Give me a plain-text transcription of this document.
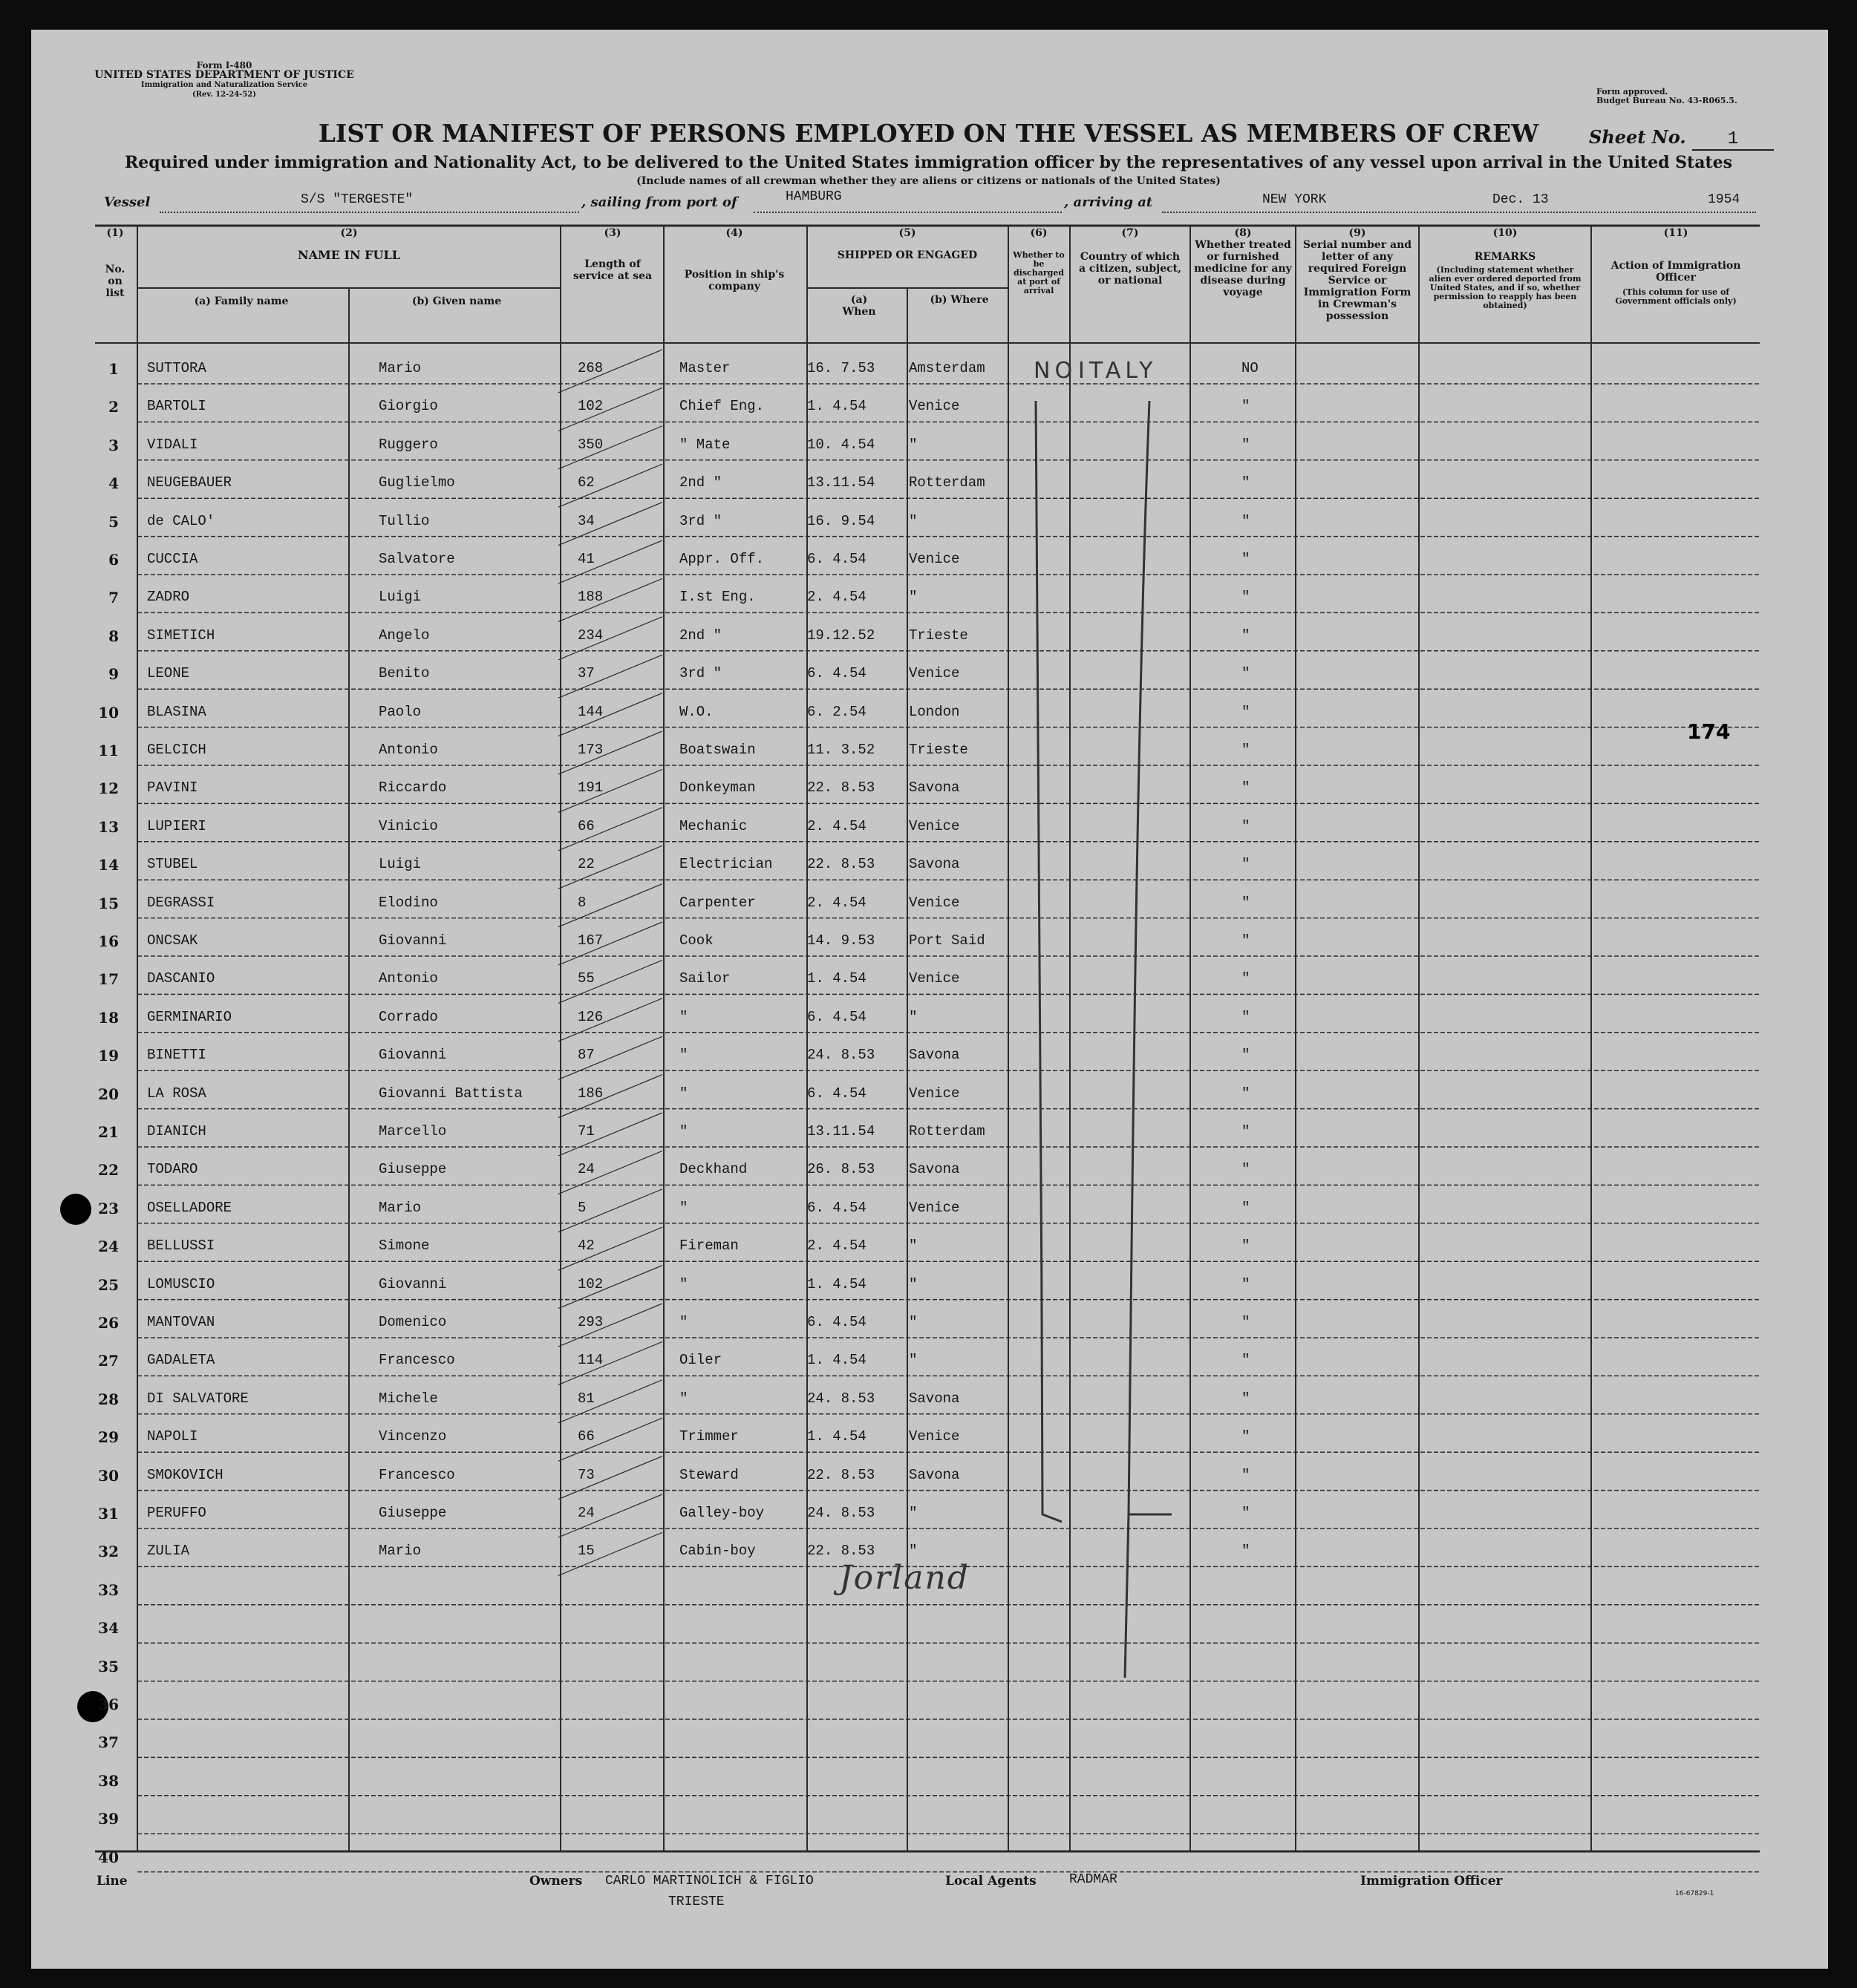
Form I-480
UNITED STATES DEPARTMENT OF JUSTICE
Immigration and Naturalization Service
(Rev. 12-24-52)	Form approved.
Budget Bureau No. 43-R065.5.
LIST OR MANIFEST OF PERSONS EMPLOYED ON THE VESSEL AS MEMBERS OF CREW	Sheet No. 1
Required under immigration and Nationality Act, to be delivered to the United States immigration officer by the representatives of any vessel upon arrival in the United States
(Include names of all crewman whether they are aliens or citizens or nationals of the United States)
Vessel	S/S "TERGESTE"	, sailing from port of	HAMBURG	, arriving at	NEW YORK	Dec. 13	1954
(1)
No. on list
(2)
NAME IN FULL
(a) Family name	(b) Given name
(3)
Length of service at sea
(4)
Position in ship's company
(5)
SHIPPED OR ENGAGED
(a) When
(b) Where
(6)
Whether to be discharged at port of arrival
(7)
Country of which a citizen, subject, or national
(8)
Whether treated or furnished medicine for any disease during voyage
(9)
Serial number and letter of any required Foreign Service or Immigration Form in Crewman's possession
(10)
REMARKS
(Including statement whether alien ever ordered deported from United States, and if so, whether permission to reapply has been obtained)
(11)
Action of Immigration Officer
(This column for use of Government officials only)
1 SUTTORA	Mario	268	Master	16. 7.53 Amsterdam	NO
2 BARTOLI	Giorgio	102	Chief Eng.	1. 4.54	Venice	"
3 VIDALI	Ruggero	350	" Mate	10. 4.54 "	"
4 NEUGEBAUER	Guglielmo	62	2nd "	13.11.54 Rotterdam	"
5 de CALO'	Tullio	34	3rd "	16. 9.54 "	"
6 CUCCIA	Salvatore	41	Appr. Off.	6. 4.54	Venice	"
7 ZADRO	Luigi	188	I.st Eng.	2. 4.54	"	"
8 SIMETICH	Angelo	234	2nd "	19.12.52 Trieste	"
9 LEONE	Benito	37	3rd "	6. 4.54	Venice	"
10 BLASINA	Paolo	144	W.O.	6. 2.54	London	"
11 GELCICH	Antonio	173	Boatswain	11. 3.52 Trieste	"
12 PAVINI	Riccardo	191	Donkeyman	22. 8.53 Savona	"
13 LUPIERI	Vinicio	66	Mechanic	2. 4.54	Venice	"
14 STUBEL	Luigi	22	Electrician 22. 8.53 Savona	"
15 DEGRASSI	Elodino	8	Carpenter	2. 4.54	Venice	"
16 ONCSAK	Giovanni	167	Cook	14. 9.53 Port Said	"
17 DASCANIO	Antonio	55	Sailor	1. 4.54	Venice	"
18 GERMINARIO	Corrado	126	"	6. 4.54	"	"
19 BINETTI	Giovanni	87	"	24. 8.53 Savona	"
20 LA ROSA	Giovanni Battista	186	"	6. 4.54	Venice	"
21 DIANICH	Marcello	71	"	13.11.54 Rotterdam	"
22 TODARO	Giuseppe	24	Deckhand	26. 8.53 Savona	"
23 OSELLADORE	Mario	5	"	6. 4.54	Venice	"
24 BELLUSSI	Simone	42	Fireman	2. 4.54	"	"
25 LOMUSCIO	Giovanni	102	"	1. 4.54	"	"
26 MANTOVAN	Domenico	293	"	6. 4.54	"	"
27 GADALETA	Francesco	114	Oiler	1. 4.54	"	"
28 DI SALVATORE	Michele	81	"	24. 8.53 Savona	"
29 NAPOLI	Vincenzo	66	Trimmer	1. 4.54	Venice	"
30 SMOKOVICH	Francesco	73	Steward	22. 8.53 Savona	"
31 PERUFFO	Giuseppe	24	Galley-boy	24. 8.53 "	"
32 ZULIA	Mario	15	Cabin-boy	22. 8.53 "	"
33
34
35
36
37
38
39
40
NO ITALY
Jorland
174
Line	Owners CARLO MARTINOLICH & FIGLIO
TRIESTE
Local Agents RADMAR	Immigration Officer
16-67829-1
